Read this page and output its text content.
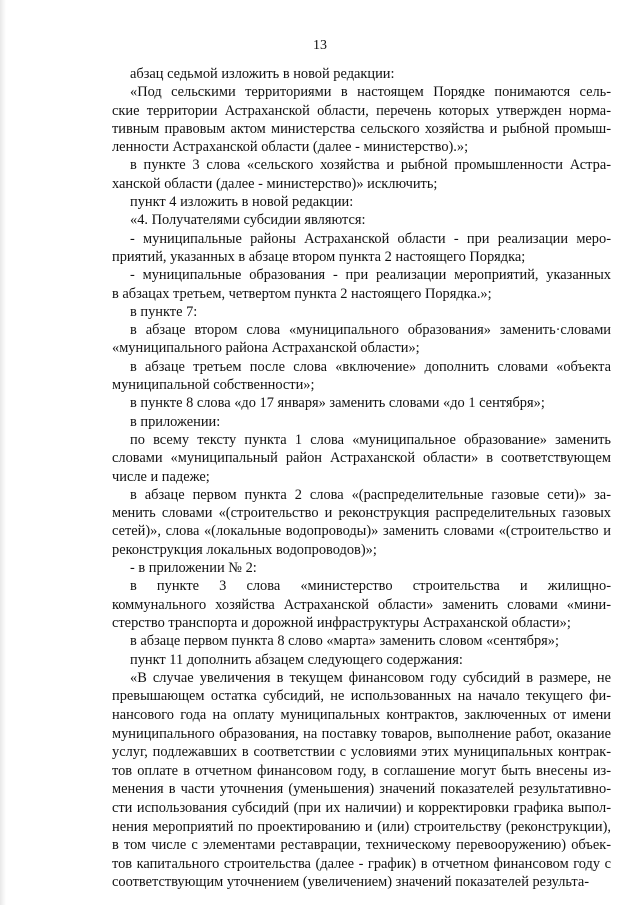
13
абзац седьмой изложить в новой редакции:
«Под сельскими территориями в настоящем Порядке понимаются сель-
ские территории Астраханской области, перечень которых утвержден норма-
тивным правовым актом министерства сельского хозяйства и рыбной промыш-
ленности Астраханской области (далее - министерство).»;
в пункте 3 слова «сельского хозяйства и рыбной промышленности Астра-
ханской области (далее - министерство)» исключить;
пункт 4 изложить в новой редакции:
«4. Получателями субсидии являются:
- муниципальные районы Астраханской области - при реализации меро-
приятий, указанных в абзаце втором пункта 2 настоящего Порядка;
- муниципальные образования - при реализации мероприятий, указанных
в абзацах третьем, четвертом пункта 2 настоящего Порядка.»;
в пункте 7:
в абзаце втором слова «муниципального образования» заменить·словами
«муниципального района Астраханской области»;
в абзаце третьем после слова «включение» дополнить словами «объекта
муниципальной собственности»;
в пункте 8 слова «до 17 января» заменить словами «до 1 сентября»;
в приложении:
по всему тексту пункта 1 слова «муниципальное образование» заменить
словами «муниципальный район Астраханской области» в соответствующем
числе и падеже;
в абзаце первом пункта 2 слова «(распределительные газовые сети)» за-
менить словами «(строительство и реконструкция распределительных газовых
сетей)», слова «(локальные водопроводы)» заменить словами «(строительство и
реконструкция локальных водопроводов)»;
- в приложении № 2:
в пункте 3 слова «министерство строительства и жилищно-
коммунального хозяйства Астраханской области» заменить словами «мини-
стерство транспорта и дорожной инфраструктуры Астраханской области»;
в абзаце первом пункта 8 слово «марта» заменить словом «сентября»;
пункт 11 дополнить абзацем следующего содержания:
«В случае увеличения в текущем финансовом году субсидий в размере, не
превышающем остатка субсидий, не использованных на начало текущего фи-
нансового года на оплату муниципальных контрактов, заключенных от имени
муниципального образования, на поставку товаров, выполнение работ, оказание
услуг, подлежавших в соответствии с условиями этих муниципальных контрак-
тов оплате в отчетном финансовом году, в соглашение могут быть внесены из-
менения в части уточнения (уменьшения) значений показателей результативно-
сти использования субсидий (при их наличии) и корректировки графика выпол-
нения мероприятий по проектированию и (или) строительству (реконструкции),
в том числе с элементами реставрации, техническому перевооружению) объек-
тов капитального строительства (далее - график) в отчетном финансовом году с
соответствующим уточнением (увеличением) значений показателей результа-
